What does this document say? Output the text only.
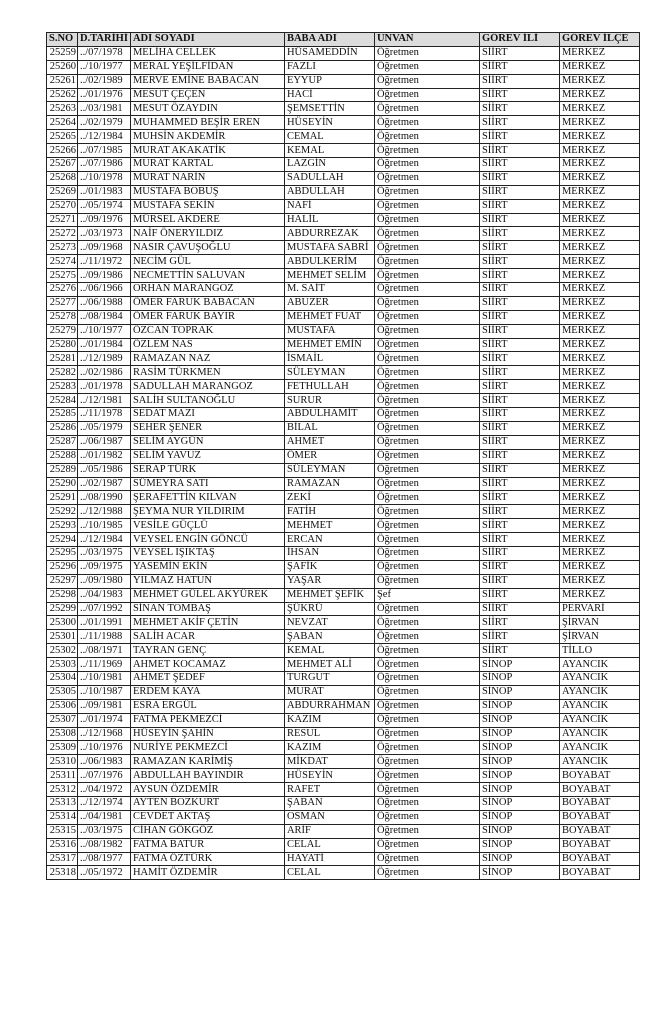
S.NO	D.TARİHİ	ADI SOYADI	BABA ADI	UNVAN	GÖREV İLİ	GÖREV İLÇE
25259	../07/1978	MELİHA CELLEK	HÜSAMEDDİN	Öğretmen	SİİRT	MERKEZ
25260	../10/1977	MERAL YEŞİLFİDAN	FAZLI	Öğretmen	SİİRT	MERKEZ
25261	../02/1989	MERVE EMİNE BABACAN	EYYUP	Öğretmen	SİİRT	MERKEZ
25262	../01/1976	MESUT ÇEÇEN	HACİ	Öğretmen	SİİRT	MERKEZ
25263	../03/1981	MESUT ÖZAYDIN	ŞEMSETTİN	Öğretmen	SİİRT	MERKEZ
25264	../02/1979	MUHAMMED BEŞİR EREN	HÜSEYİN	Öğretmen	SİİRT	MERKEZ
25265	../12/1984	MUHSİN AKDEMİR	CEMAL	Öğretmen	SİİRT	MERKEZ
25266	../07/1985	MURAT AKAKATİK	KEMAL	Öğretmen	SİİRT	MERKEZ
25267	../07/1986	MURAT KARTAL	LAZGİN	Öğretmen	SİİRT	MERKEZ
25268	../10/1978	MURAT NARİN	SADULLAH	Öğretmen	SİİRT	MERKEZ
25269	../01/1983	MUSTAFA BOBUŞ	ABDULLAH	Öğretmen	SİİRT	MERKEZ
25270	../05/1974	MUSTAFA SEKİN	NAFİ	Öğretmen	SİİRT	MERKEZ
25271	../09/1976	MÜRSEL AKDERE	HALİL	Öğretmen	SİİRT	MERKEZ
25272	../03/1973	NAİF ÖNERYILDIZ	ABDURREZAK	Öğretmen	SİİRT	MERKEZ
25273	../09/1968	NASIR ÇAVUŞOĞLU	MUSTAFA SABRİ	Öğretmen	SİİRT	MERKEZ
25274	../11/1972	NECİM GÜL	ABDULKERİM	Öğretmen	SİİRT	MERKEZ
25275	../09/1986	NECMETTİN SALUVAN	MEHMET SELİM	Öğretmen	SİİRT	MERKEZ
25276	../06/1966	ORHAN MARANGOZ	M. SAİT	Öğretmen	SİİRT	MERKEZ
25277	../06/1988	ÖMER FARUK BABACAN	ABUZER	Öğretmen	SİİRT	MERKEZ
25278	../08/1984	ÖMER FARUK BAYIR	MEHMET FUAT	Öğretmen	SİİRT	MERKEZ
25279	../10/1977	ÖZCAN TOPRAK	MUSTAFA	Öğretmen	SİİRT	MERKEZ
25280	../01/1984	ÖZLEM NAS	MEHMET EMİN	Öğretmen	SİİRT	MERKEZ
25281	../12/1989	RAMAZAN NAZ	İSMAİL	Öğretmen	SİİRT	MERKEZ
25282	../02/1986	RASİM TÜRKMEN	SÜLEYMAN	Öğretmen	SİİRT	MERKEZ
25283	../01/1978	SADULLAH MARANGOZ	FETHULLAH	Öğretmen	SİİRT	MERKEZ
25284	../12/1981	SALİH SULTANOĞLU	SURUR	Öğretmen	SİİRT	MERKEZ
25285	../11/1978	SEDAT MAZI	ABDULHAMİT	Öğretmen	SİİRT	MERKEZ
25286	../05/1979	SEHER ŞENER	BİLAL	Öğretmen	SİİRT	MERKEZ
25287	../06/1987	SELİM AYGÜN	AHMET	Öğretmen	SİİRT	MERKEZ
25288	../01/1982	SELİM YAVUZ	ÖMER	Öğretmen	SİİRT	MERKEZ
25289	../05/1986	SERAP TÜRK	SÜLEYMAN	Öğretmen	SİİRT	MERKEZ
25290	../02/1987	SÜMEYRA SATI	RAMAZAN	Öğretmen	SİİRT	MERKEZ
25291	../08/1990	ŞERAFETTİN KILVAN	ZEKİ	Öğretmen	SİİRT	MERKEZ
25292	../12/1988	ŞEYMA NUR YILDIRIM	FATİH	Öğretmen	SİİRT	MERKEZ
25293	../10/1985	VESİLE GÜÇLÜ	MEHMET	Öğretmen	SİİRT	MERKEZ
25294	../12/1984	VEYSEL ENGİN GÖNCÜ	ERCAN	Öğretmen	SİİRT	MERKEZ
25295	../03/1975	VEYSEL IŞIKTAŞ	İHSAN	Öğretmen	SİİRT	MERKEZ
25296	../09/1975	YASEMİN EKİN	ŞAFİK	Öğretmen	SİİRT	MERKEZ
25297	../09/1980	YILMAZ HATUN	YAŞAR	Öğretmen	SİİRT	MERKEZ
25298	../04/1983	MEHMET GÜLEL AKYÜREK	MEHMET ŞEFİK	Şef	SİİRT	MERKEZ
25299	../07/1992	SİNAN TOMBAŞ	ŞÜKRÜ	Öğretmen	SİİRT	PERVARİ
25300	../01/1991	MEHMET AKİF ÇETİN	NEVZAT	Öğretmen	SİİRT	ŞİRVAN
25301	../11/1988	SALİH ACAR	ŞABAN	Öğretmen	SİİRT	ŞİRVAN
25302	../08/1971	TAYRAN GENÇ	KEMAL	Öğretmen	SİİRT	TİLLO
25303	../11/1969	AHMET KOCAMAZ	MEHMET ALİ	Öğretmen	SİNOP	AYANCIK
25304	../10/1981	AHMET ŞEDEF	TURGUT	Öğretmen	SİNOP	AYANCIK
25305	../10/1987	ERDEM KAYA	MURAT	Öğretmen	SİNOP	AYANCIK
25306	../09/1981	ESRA ERGÜL	ABDURRAHMAN	Öğretmen	SİNOP	AYANCIK
25307	../01/1974	FATMA PEKMEZCİ	KAZIM	Öğretmen	SİNOP	AYANCIK
25308	../12/1968	HÜSEYİN ŞAHİN	RESUL	Öğretmen	SİNOP	AYANCIK
25309	../10/1976	NURİYE PEKMEZCİ	KAZIM	Öğretmen	SİNOP	AYANCIK
25310	../06/1983	RAMAZAN KARİMİŞ	MİKDAT	Öğretmen	SİNOP	AYANCIK
25311	../07/1976	ABDULLAH BAYINDIR	HÜSEYİN	Öğretmen	SİNOP	BOYABAT
25312	../04/1972	AYSUN ÖZDEMİR	RAFET	Öğretmen	SİNOP	BOYABAT
25313	../12/1974	AYTEN BOZKURT	ŞABAN	Öğretmen	SİNOP	BOYABAT
25314	../04/1981	CEVDET AKTAŞ	OSMAN	Öğretmen	SİNOP	BOYABAT
25315	../03/1975	CİHAN GÖKGÖZ	ARİF	Öğretmen	SİNOP	BOYABAT
25316	../08/1982	FATMA BATUR	CELAL	Öğretmen	SİNOP	BOYABAT
25317	../08/1977	FATMA ÖZTÜRK	HAYATİ	Öğretmen	SİNOP	BOYABAT
25318	../05/1972	HAMİT ÖZDEMİR	CELAL	Öğretmen	SİNOP	BOYABAT
